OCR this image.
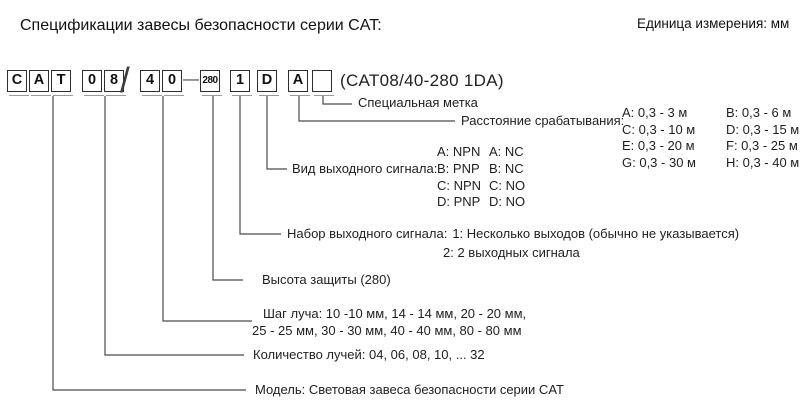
Спецификации завесы безопасности серии CAT:	Единица измерения: мм
C A T	0 8 /	4 0 — 280	1	D	A (CAT08/40-280 1DA)
Специальная метка
Расстояние срабатывания:
A: 0,3 - 3 м	B: 0,3 - 6 м
C: 0,3 - 10 м	D: 0,3 - 15 м
E: 0,3 - 20 м	F: 0,3 - 25 м
G: 0,3 - 30 м	H: 0,3 - 40 м
Вид выходного сигнала:
A: NPN A: NC
B: PNP B: NC
C: NPN C: NO
D: PNP D: NO
Набор выходного сигнала: 1: Несколько выходов (обычно не указывается)
2: 2 выходных сигнала
Высота защиты (280)
Шаг луча: 10 -10 мм, 14 - 14 мм, 20 - 20 мм,
25 - 25 мм, 30 - 30 мм, 40 - 40 мм, 80 - 80 мм
Количество лучей: 04, 06, 08, 10, ... 32
Модель: Световая завеса безопасности серии CAT
